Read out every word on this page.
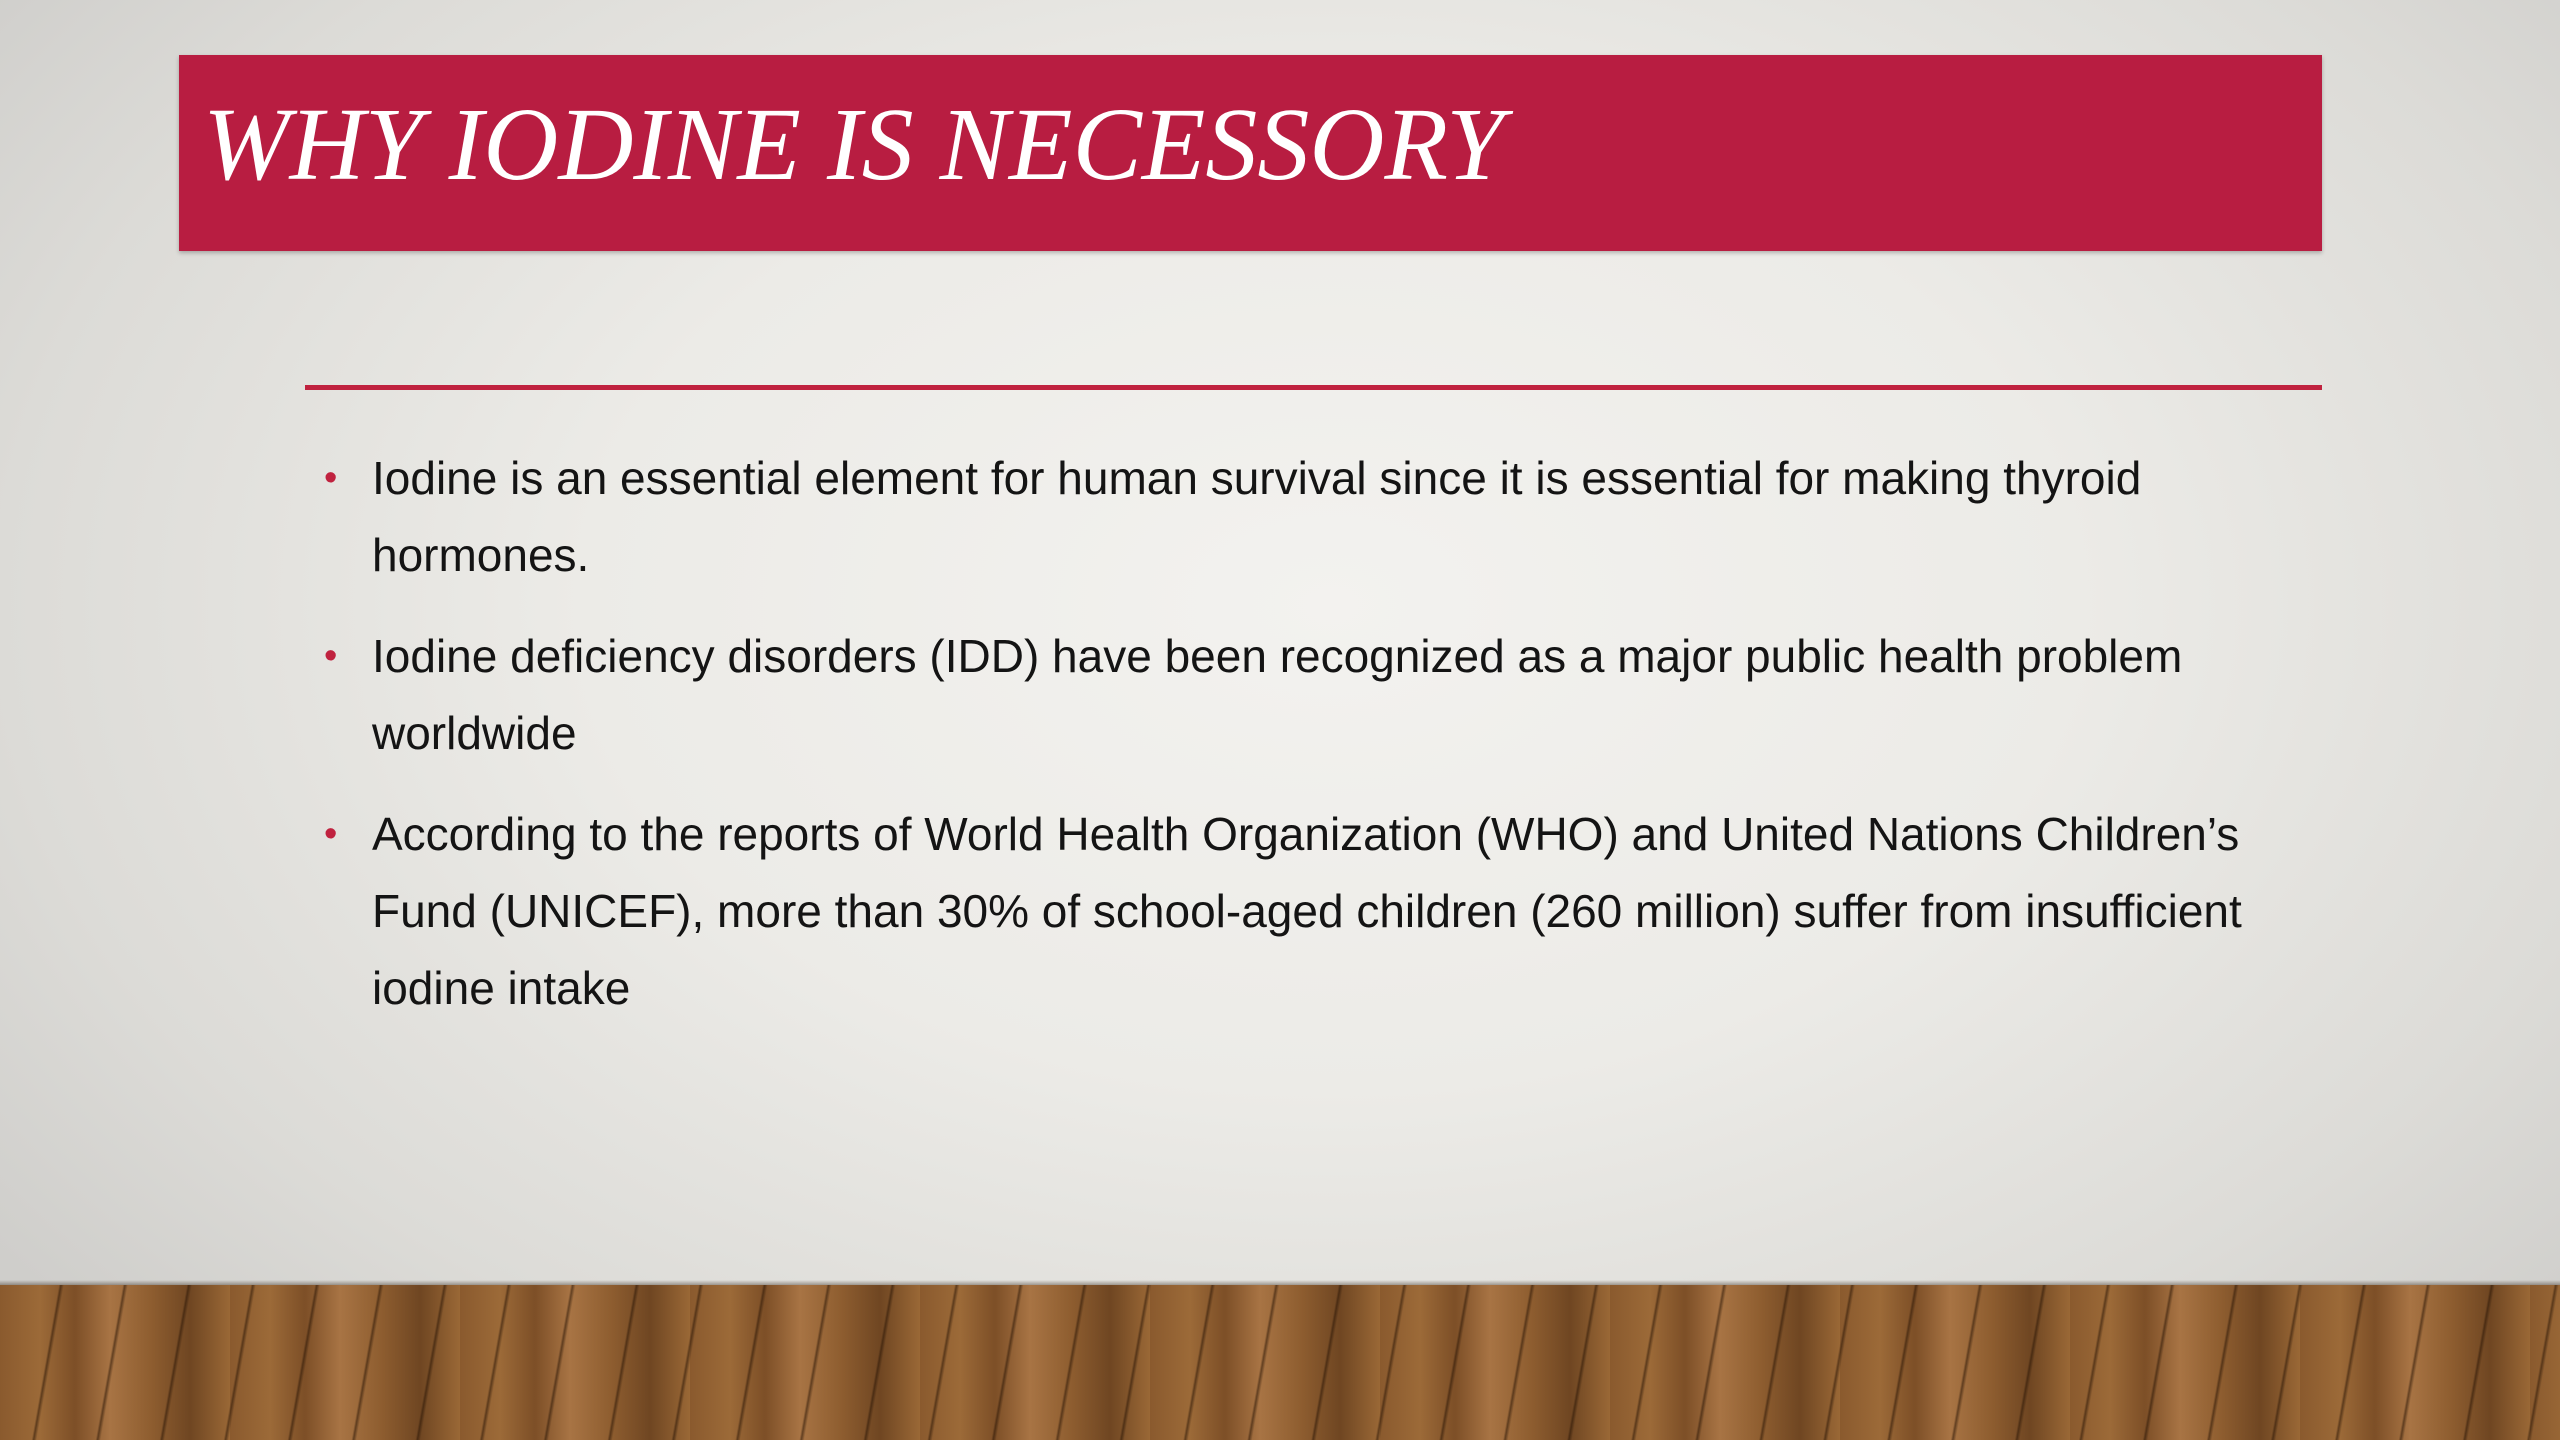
WHY IODINE IS NECESSORY
• Iodine is an essential element for human survival since it is essential for making thyroid hormones.
• Iodine deficiency disorders (IDD) have been recognized as a major public health problem worldwide
• According to the reports of World Health Organization (WHO) and United Nations Children’s Fund (UNICEF), more than 30% of school-aged children (260 million) suffer from insufficient iodine intake
